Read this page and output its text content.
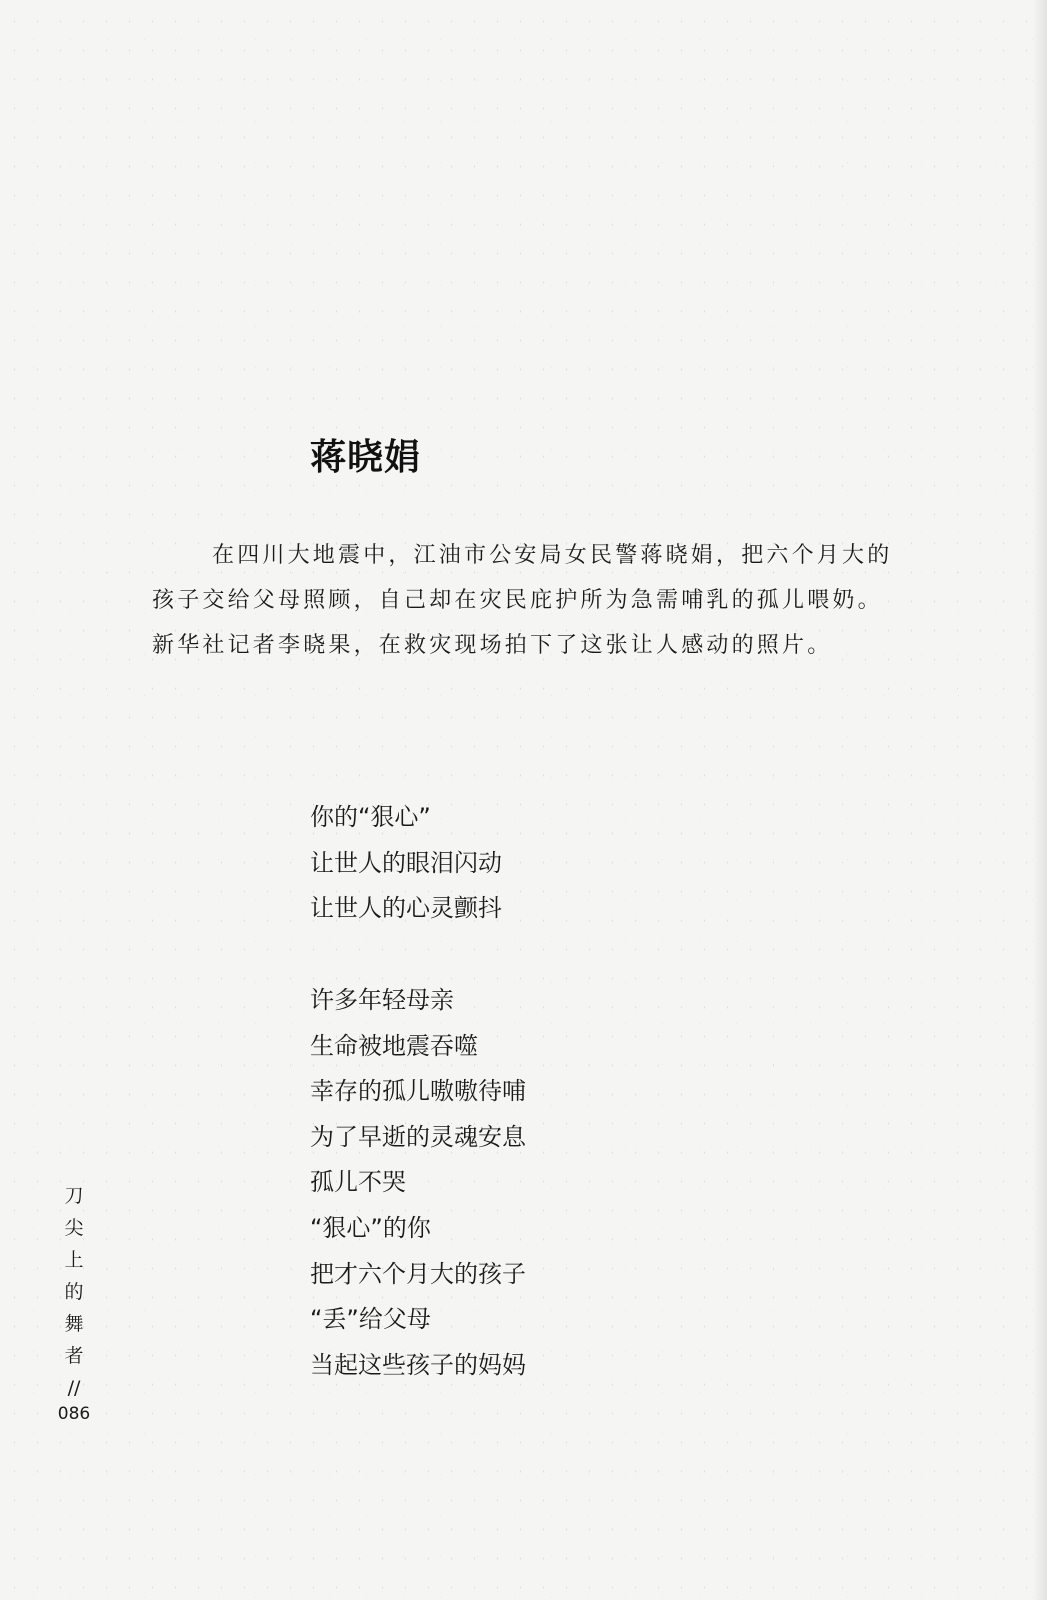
蒋晓娟

在四川大地震中，江油市公安局女民警蒋晓娟，把六个月大的
孩子交给父母照顾，自己却在灾民庇护所为急需哺乳的孤儿喂奶。
新华社记者李晓果，在救灾现场拍下了这张让人感动的照片。

你的“狠心”
让世人的眼泪闪动
让世人的心灵颤抖
许多年轻母亲
生命被地震吞噬
幸存的孤儿嗷嗷待哺
为了早逝的灵魂安息
孤儿不哭
“狠心”的你
把才六个月大的孩子
“丢”给父母
当起这些孩子的妈妈
刀
尖
上
的
舞
者
//
086
